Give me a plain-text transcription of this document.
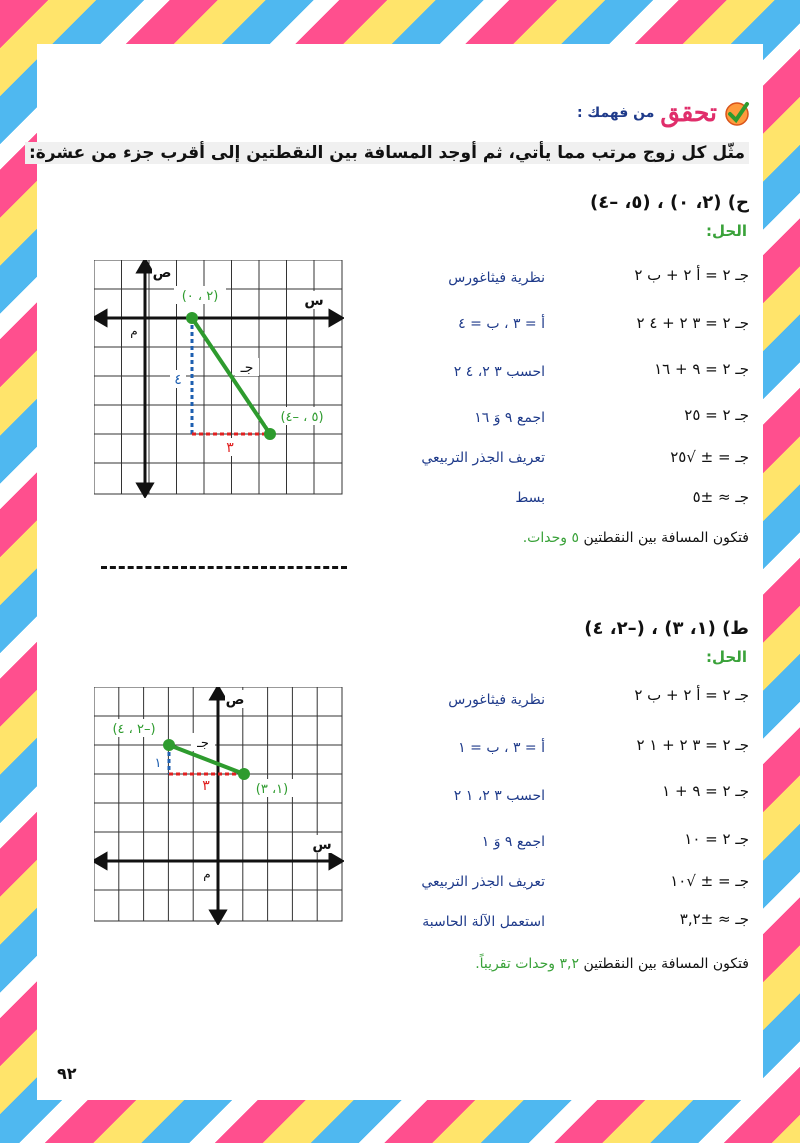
تحقق
من فهمك :
مثّل كل زوج مرتب مما يأتي، ثم أوجد المسافة بين النقطتين إلى أقرب جزء من عشرة:
ح) (٢، ٠) ، (٥، ‎–٤)
الحل:
(٢ ، ٠)
(٥ ، ‎–٤)
س
ص
م
٤
٣
جـ
جـ ٢ = أ ٢ + ب ٢
نظرية فيثاغورس
جـ ٢ = ٣ ٢ + ٤ ٢
أ = ٣ ، ب = ٤
جـ ٢ = ٩ + ١٦
احسب ٣ ٢، ٤ ٢
جـ ٢ = ٢٥
اجمع ٩ وَ ١٦
جـ = ± √٢٥
تعريف الجذر التربيعي
جـ ≈ ±٥
بسط
فتكون المسافة بين النقطتين ٥ وحدات.
ط) (١، ٣) ، (‎–٢، ٤)
الحل:
(‎–٢ ، ٤)
(١، ٣)
س
ص
م
١
٣
جـ
جـ ٢ = أ ٢ + ب ٢
نظرية فيثاغورس
جـ ٢ = ٣ ٢ + ١ ٢
أ = ٣ ، ب = ١
جـ ٢ = ٩ + ١
احسب ٣ ٢، ١ ٢
جـ ٢ = ١٠
اجمع ٩ وَ ١
جـ = ± √١٠
تعريف الجذر التربيعي
جـ ≈ ±٣,٢
استعمل الآلة الحاسبة
فتكون المسافة بين النقطتين ٣,٢ وحدات تقريباً.
٩٢
